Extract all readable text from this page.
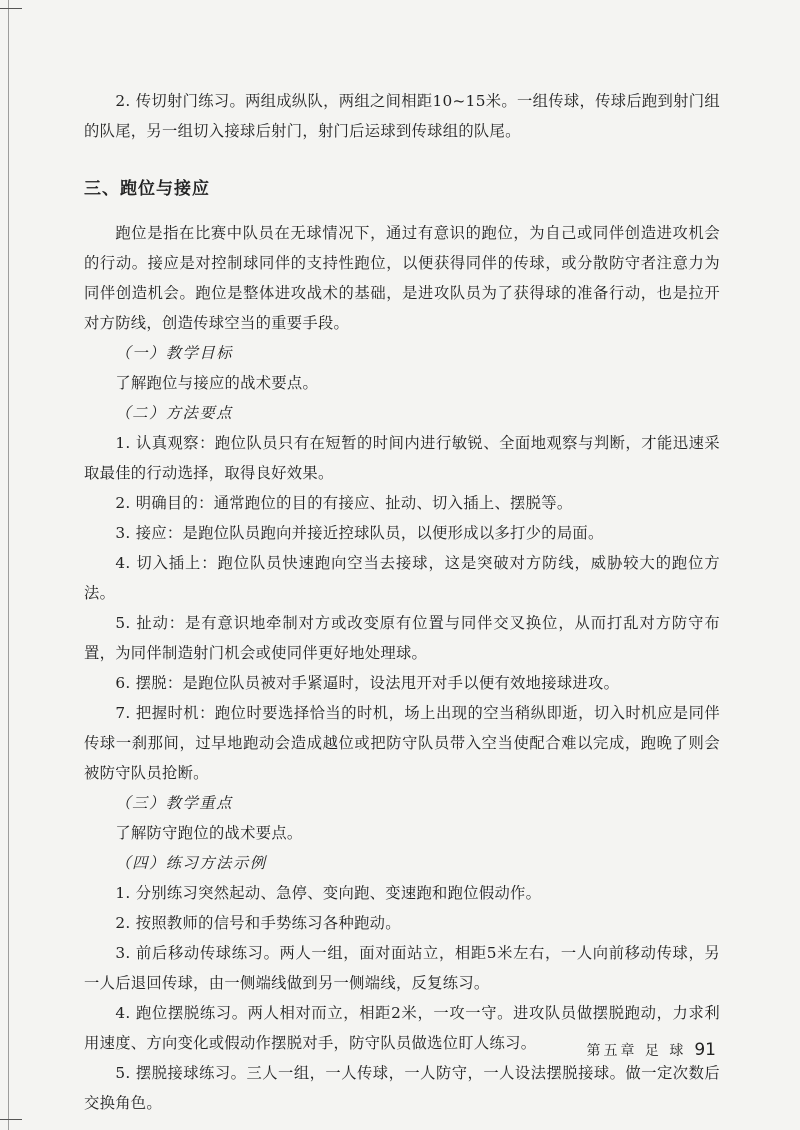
2. 传切射门练习。两组成纵队，两组之间相距10~15米。一组传球，传球后跑到射门组的队尾，另一组切入接球后射门，射门后运球到传球组的队尾。

三、跑位与接应

跑位是指在比赛中队员在无球情况下，通过有意识的跑位，为自己或同伴创造进攻机会的行动。接应是对控制球同伴的支持性跑位，以便获得同伴的传球，或分散防守者注意力为同伴创造机会。跑位是整体进攻战术的基础，是进攻队员为了获得球的准备行动，也是拉开对方防线，创造传球空当的重要手段。

（一）教学目标

了解跑位与接应的战术要点。

（二）方法要点

1. 认真观察：跑位队员只有在短暂的时间内进行敏锐、全面地观察与判断，才能迅速采取最佳的行动选择，取得良好效果。

2. 明确目的：通常跑位的目的有接应、扯动、切入插上、摆脱等。

3. 接应：是跑位队员跑向并接近控球队员，以便形成以多打少的局面。

4. 切入插上：跑位队员快速跑向空当去接球，这是突破对方防线，威胁较大的跑位方法。

5. 扯动：是有意识地牵制对方或改变原有位置与同伴交叉换位，从而打乱对方防守布置，为同伴制造射门机会或使同伴更好地处理球。

6. 摆脱：是跑位队员被对手紧逼时，设法甩开对手以便有效地接球进攻。

7. 把握时机：跑位时要选择恰当的时机，场上出现的空当稍纵即逝，切入时机应是同伴传球一刹那间，过早地跑动会造成越位或把防守队员带入空当使配合难以完成，跑晚了则会被防守队员抢断。

（三）教学重点

了解防守跑位的战术要点。

（四）练习方法示例

1. 分别练习突然起动、急停、变向跑、变速跑和跑位假动作。

2. 按照教师的信号和手势练习各种跑动。

3. 前后移动传球练习。两人一组，面对面站立，相距5米左右，一人向前移动传球，另一人后退回传球，由一侧端线做到另一侧端线，反复练习。

4. 跑位摆脱练习。两人相对而立，相距2米，一攻一守。进攻队员做摆脱跑动，力求利用速度、方向变化或假动作摆脱对手，防守队员做选位盯人练习。

5. 摆脱接球练习。三人一组，一人传球，一人防守，一人设法摆脱接球。做一定次数后交换角色。

第五章 足 球 91
